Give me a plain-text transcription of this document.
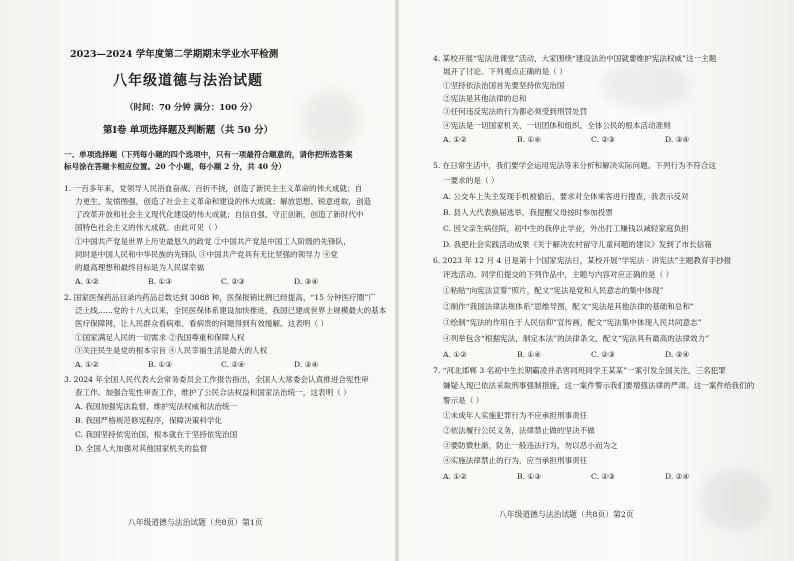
2023—2024 学年度第二学期期末学业水平检测
八年级道德与法治试题
（时间：70 分钟 满分：100 分）
第Ⅰ卷 单项选择题及判断题（共 50 分）
一、单项选择题（下列每小题的四个选项中，只有一项最符合题意的，请你把所选答案
标号涂在答题卡相应位置。20 个小题，每小题 2 分，共 40 分）
1. 一百多年来，党领导人民浴血奋战、百折不挠，创造了新民主主义革命的伟大成就；自
力更生、发愤图强，创造了社会主义革命和建设的伟大成就；解放思想、锐意进取，创造
了改革开放和社会主义现代化建设的伟大成就；自信自强、守正创新，创造了新时代中
国特色社会主义的伟大成就。由此可见（ ）
①中国共产党是世界上历史最悠久的政党 ②中国共产党是中国工人阶级的先锋队，
同时是中国人民和中华民族的先锋队 ③中国共产党具有无比坚强的领导力 ④党
的最高理想和最终目标是为人民谋幸福
A. ①②	B. ①③	C. ②③	D. ③④
2. 国家医保药品目录内药品总数达到 3088 种，医保报销比例已经提高，“15 分钟医疗圈”广
泛上线……党的十八大以来，全民医保体系建设加快推进，我国已建成世界上规模最大的基本
医疗保障网，让人民群众看病难、看病贵的问题得到有效缓解。这表明（ ）
①国家满足人民的一切需求 ②我国尊重和保障人权
③关注民生是党的根本宗旨 ④人民幸福生活是最大的人权
A. ①②	B. ①③	C. ②④	D. ③④
3. 2024 年全国人民代表大会常务委员会工作报告指出，全国人大常委会认真推进合宪性审
查工作。加强合宪性审查工作，维护了公民合法权益和国家法治统一，这表明（ ）
A. 我国加强宪法监督，维护宪法权威和法治统一
B. 我国严格规范修宪程序，保障决策科学化
C. 我国坚持依宪治国，根本就在于坚持依宪治国
D. 全国人大加强对其他国家机关的监督
八年级道德与法治试题（共8页）第1页
4. 某校开展“宪法进课堂”活动，大家围绕“建设法治中国就要维护宪法权威”这一主题
展开了讨论。下列观点正确的是（ ）
①坚持依法治国首先要坚持依宪治国
②宪法是其他法律的总和
③任何违反宪法的行为都必须受到刑罚处罚
④宪法是一切国家机关、一切团体和组织、全体公民的根本活动准则
A. ①②	B. ①④	C. ②③	D. ③④
5. 在日常生活中，我们要学会运用宪法等来分析和解决实际问题。下列行为不符合这
一要求的是（ ）
A. 公交车上失主发现手机被偷后，要求对全体乘客进行搜查，我表示反对
B. 县人大代表换届选举，我提醒父母按时参加投票
C. 因父亲生病住院，初中生的我停止学业，外出打工赚钱以减轻家庭负担
D. 我把社会实践活动成果《关于解决农村留守儿童问题的建议》发到了市长信箱
6. 2023 年 12 月 4 日是第十个国家宪法日，某校开展“学宪法 · 讲宪法”主题教育手抄报
评选活动。同学们提交的下列作品中，主题与内容对应正确的是（ ）
①粘贴“向宪法宣誓”照片，配文“宪法是党和人民意志的集中体现”
②制作“我国法律法规体系”思维导图，配文“宪法是其他法律的基础和总和”
③绘制“宪法的作用在于人民信仰”宣传画，配文“宪法集中体现人民共同意志”
④列举包含“根据宪法，制定本法”的法律条文，配文“宪法具有最高的法律效力”
A. ①②	B. ①④	C. ②③	D. ③④
7. “河北邯郸 3 名初中生长期霸凌并杀害同班同学王某某”一案引发全国关注，三名犯罪
嫌疑人现已依法采取刑事强制措施，这一案件警示我们要增强法律的严肃。这一案件给我们的
警示是（ ）
①未成年人实施犯罪行为不应承担刑事责任
②依法履行公民义务，法律禁止做的坚决不做
③要防微杜渐，防止一般违法行为，勿以恶小而为之
④实施法律禁止的行为，应当承担刑事责任
A. ①②	B. ①③	C. ②③	D. ②④
八年级道德与法治试题（共8页）第2页
